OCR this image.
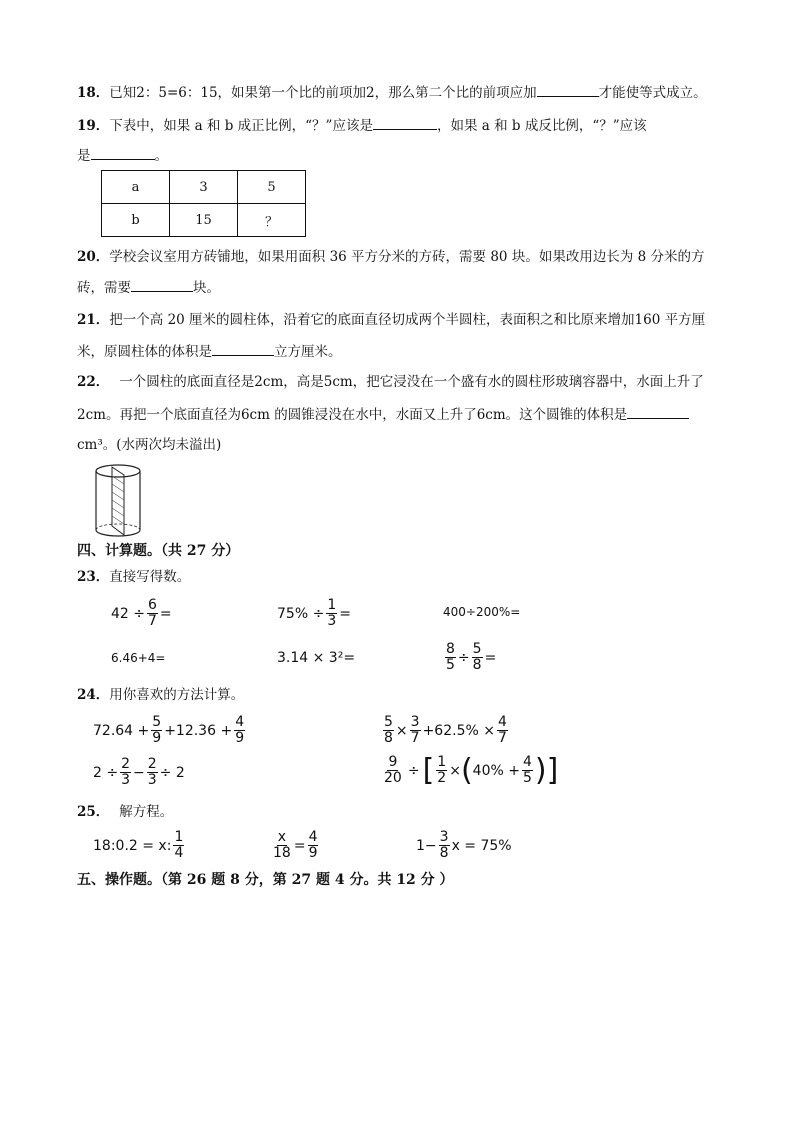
18．已知2：5=6：15，如果第一个比的前项加2，那么第二个比的前项应加	才能使等式成立。
19．下表中，如果 a 和 b 成正比例，“？”应该是	，如果 a 和 b 成反比例，“？”应该
是	。
a	3	5
b	15	？
20．学校会议室用方砖铺地，如果用面积 36 平方分米的方砖，需要 80 块。如果改用边长为 8 分米的方
砖，需要	块。
21．把一个高 20 厘米的圆柱体，沿着它的底面直径切成两个半圆柱，表面积之和比原来增加160 平方厘
米，原圆柱体的体积是	立方厘米。
22． 一个圆柱的底面直径是2cm，高是5cm，把它浸没在一个盛有水的圆柱形玻璃容器中，水面上升了
2cm。再把一个底面直径为6cm 的圆锥浸没在水中，水面又上升了6cm。这个圆锥的体积是
cm³。(水两次均未溢出)
四、计算题。（共 27 分）
23．直接写得数。
$42 \div \frac{6}{7}$ =	$75\% \div \frac{1}{3}$ =	400÷200%=
6.46+4=	3.14 × 3²=	$\frac{8}{5} \div \frac{5}{8}$ =
24．用你喜欢的方法计算。
$72.64 + \frac{5}{9} +12.36 + \frac{4}{9}$	$\frac{5}{8} \times \frac{3}{7} +62.5\% \times \frac{4}{7}$
$2 \div \frac{2}{3} - \frac{2}{3} \div 2$	$\frac{9}{20}$ ÷ [ $\frac{1}{2}$ × ( $40\% + \frac{4}{5}$ ) ]
25． 解方程。
18:0.2 = x: $\frac{1}{4}$	$\frac{x}{18} = \frac{4}{9}$	$1- \frac{3}{8}$ x = 75%
五、操作题。（第 26 题 8 分，第 27 题 4 分。共 12 分 ）
